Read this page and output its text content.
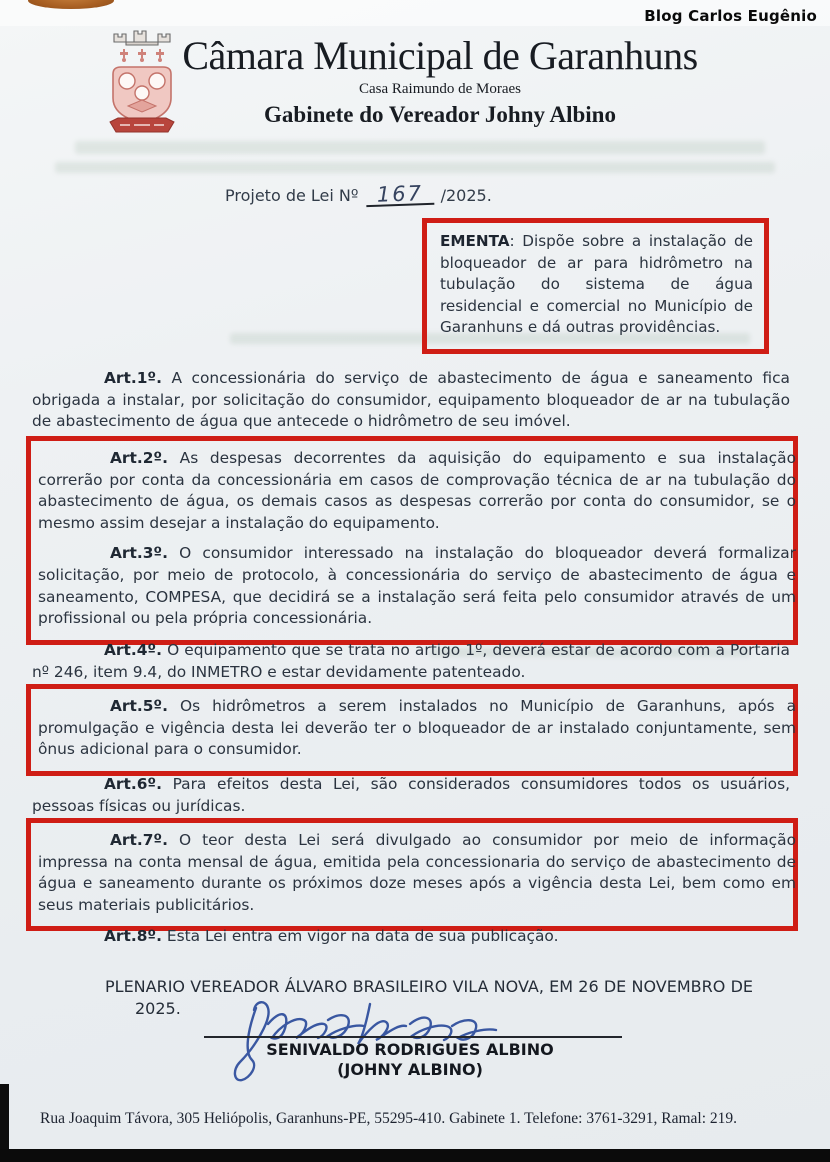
Blog Carlos Eugênio
Câmara Municipal de Garanhuns
Casa Raimundo de Moraes
Gabinete do Vereador Johny Albino
Projeto de Lei Nº 167 /2025.

EMENTA: Dispõe sobre a instalação de bloqueador de ar para hidrômetro na tubulação do sistema de água residencial e comercial no Município de Garanhuns e dá outras providências.

Art.1º. A concessionária do serviço de abastecimento de água e saneamento fica obrigada a instalar, por solicitação do consumidor, equipamento bloqueador de ar na tubulação de abastecimento de água que antecede o hidrômetro de seu imóvel.

Art.2º. As despesas decorrentes da aquisição do equipamento e sua instalação correrão por conta da concessionária em casos de comprovação técnica de ar na tubulação do abastecimento de água, os demais casos as despesas correrão por conta do consumidor, se o mesmo assim desejar a instalação do equipamento.

Art.3º. O consumidor interessado na instalação do bloqueador deverá formalizar solicitação, por meio de protocolo, à concessionária do serviço de abastecimento de água e saneamento, COMPESA, que decidirá se a instalação será feita pelo consumidor através de um profissional ou pela própria concessionária.

Art.4º. O equipamento que se trata no artigo 1º, deverá estar de acordo com a Portaria nº 246, item 9.4, do INMETRO e estar devidamente patenteado.

Art.5º. Os hidrômetros a serem instalados no Município de Garanhuns, após a promulgação e vigência desta lei deverão ter o bloqueador de ar instalado conjuntamente, sem ônus adicional para o consumidor.

Art.6º. Para efeitos desta Lei, são considerados consumidores todos os usuários, pessoas físicas ou jurídicas.

Art.7º. O teor desta Lei será divulgado ao consumidor por meio de informação impressa na conta mensal de água, emitida pela concessionaria do serviço de abastecimento de água e saneamento durante os próximos doze meses após a vigência desta Lei, bem como em seus materiais publicitários.

Art.8º. Esta Lei entra em vigor na data de sua publicação.

PLENARIO VEREADOR ÁLVARO BRASILEIRO VILA NOVA, EM 26 DE NOVEMBRO DE 2025.

SENIVALDO RODRIGUES ALBINO
(JOHNY ALBINO)
Rua Joaquim Távora, 305 Heliópolis, Garanhuns-PE, 55295-410. Gabinete 1. Telefone: 3761-3291, Ramal: 219.
